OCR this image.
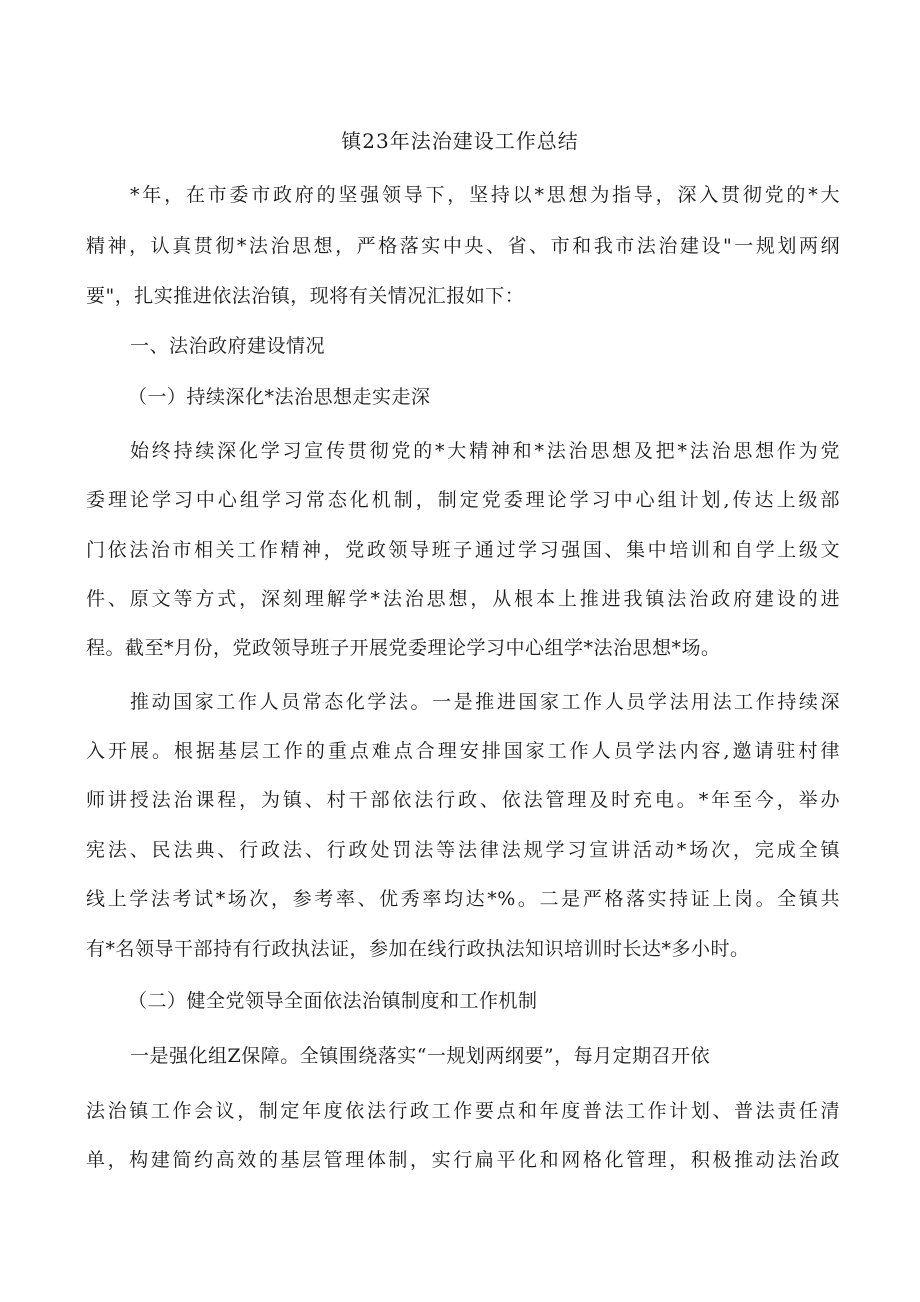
镇23年法治建设工作总结
*年，在市委市政府的坚强领导下，坚持以*思想为指导，深入贯彻党的*大
精神，认真贯彻*法治思想，严格落实中央、省、市和我市法治建设"一规划两纲
要"，扎实推进依法治镇，现将有关情况汇报如下：
一、法治政府建设情况
（一）持续深化*法治思想走实走深
始终持续深化学习宣传贯彻党的*大精神和*法治思想及把*法治思想作为党
委理论学习中心组学习常态化机制，制定党委理论学习中心组计划,传达上级部
门依法治市相关工作精神，党政领导班子通过学习强国、集中培训和自学上级文
件、原文等方式，深刻理解学*法治思想，从根本上推进我镇法治政府建设的进
程。截至*月份，党政领导班子开展党委理论学习中心组学*法治思想*场。
推动国家工作人员常态化学法。一是推进国家工作人员学法用法工作持续深
入开展。根据基层工作的重点难点合理安排国家工作人员学法内容,邀请驻村律
师讲授法治课程，为镇、村干部依法行政、依法管理及时充电。*年至今，举办
宪法、民法典、行政法、行政处罚法等法律法规学习宣讲活动*场次，完成全镇
线上学法考试*场次，参考率、优秀率均达*%。二是严格落实持证上岗。全镇共
有*名领导干部持有行政执法证，参加在线行政执法知识培训时长达*多小时。
（二）健全党领导全面依法治镇制度和工作机制
一是强化组Z保障。全镇围绕落实“一规划两纲要”，每月定期召开依
法治镇工作会议，制定年度依法行政工作要点和年度普法工作计划、普法责任清
单，构建简约高效的基层管理体制，实行扁平化和网格化管理，积极推动法治政
